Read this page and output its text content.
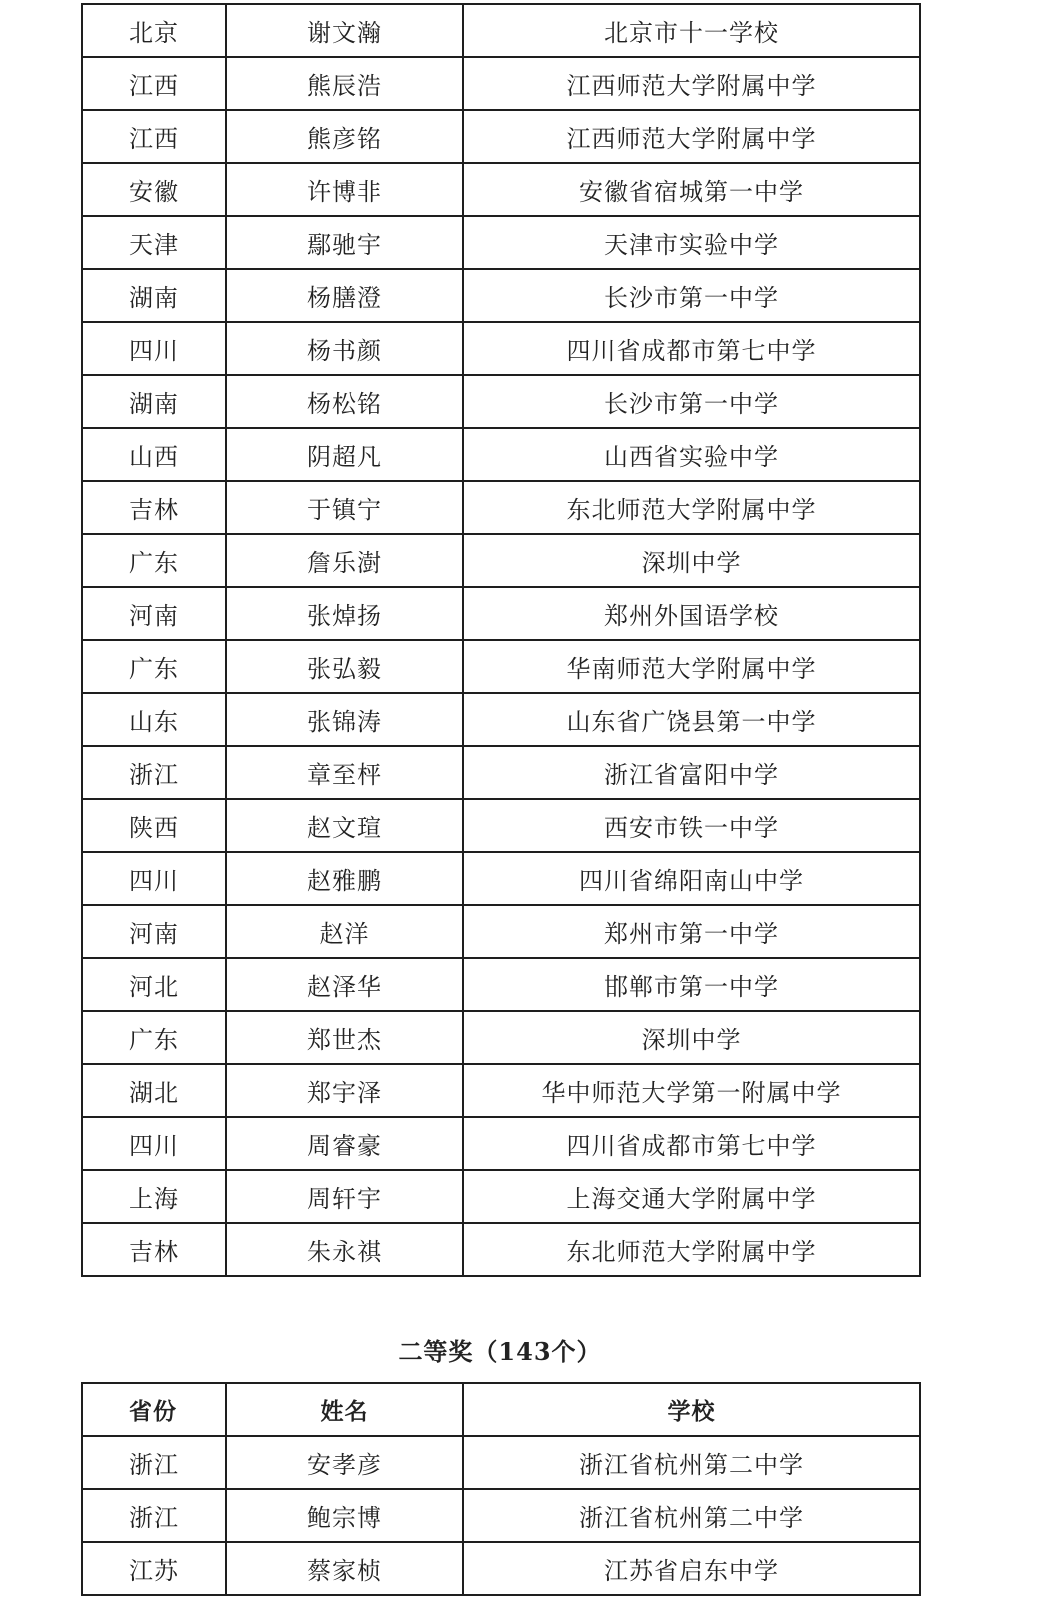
北京	谢文瀚	北京市十一学校
江西	熊辰浩	江西师范大学附属中学
江西	熊彦铭	江西师范大学附属中学
安徽	许博非	安徽省宿城第一中学
天津	鄢驰宇	天津市实验中学
湖南	杨膳澄	长沙市第一中学
四川	杨书颜	四川省成都市第七中学
湖南	杨松铭	长沙市第一中学
山西	阴超凡	山西省实验中学
吉林	于镇宁	东北师范大学附属中学
广东	詹乐澍	深圳中学
河南	张焯扬	郑州外国语学校
广东	张弘毅	华南师范大学附属中学
山东	张锦涛	山东省广饶县第一中学
浙江	章至枰	浙江省富阳中学
陕西	赵文瑄	西安市铁一中学
四川	赵雅鹏	四川省绵阳南山中学
河南	赵洋	郑州市第一中学
河北	赵泽华	邯郸市第一中学
广东	郑世杰	深圳中学
湖北	郑宇泽	华中师范大学第一附属中学
四川	周睿豪	四川省成都市第七中学
上海	周轩宇	上海交通大学附属中学
吉林	朱永祺	东北师范大学附属中学
二等奖（143个）
省份	姓名	学校
浙江	安孝彦	浙江省杭州第二中学
浙江	鲍宗博	浙江省杭州第二中学
江苏	蔡家桢	江苏省启东中学
